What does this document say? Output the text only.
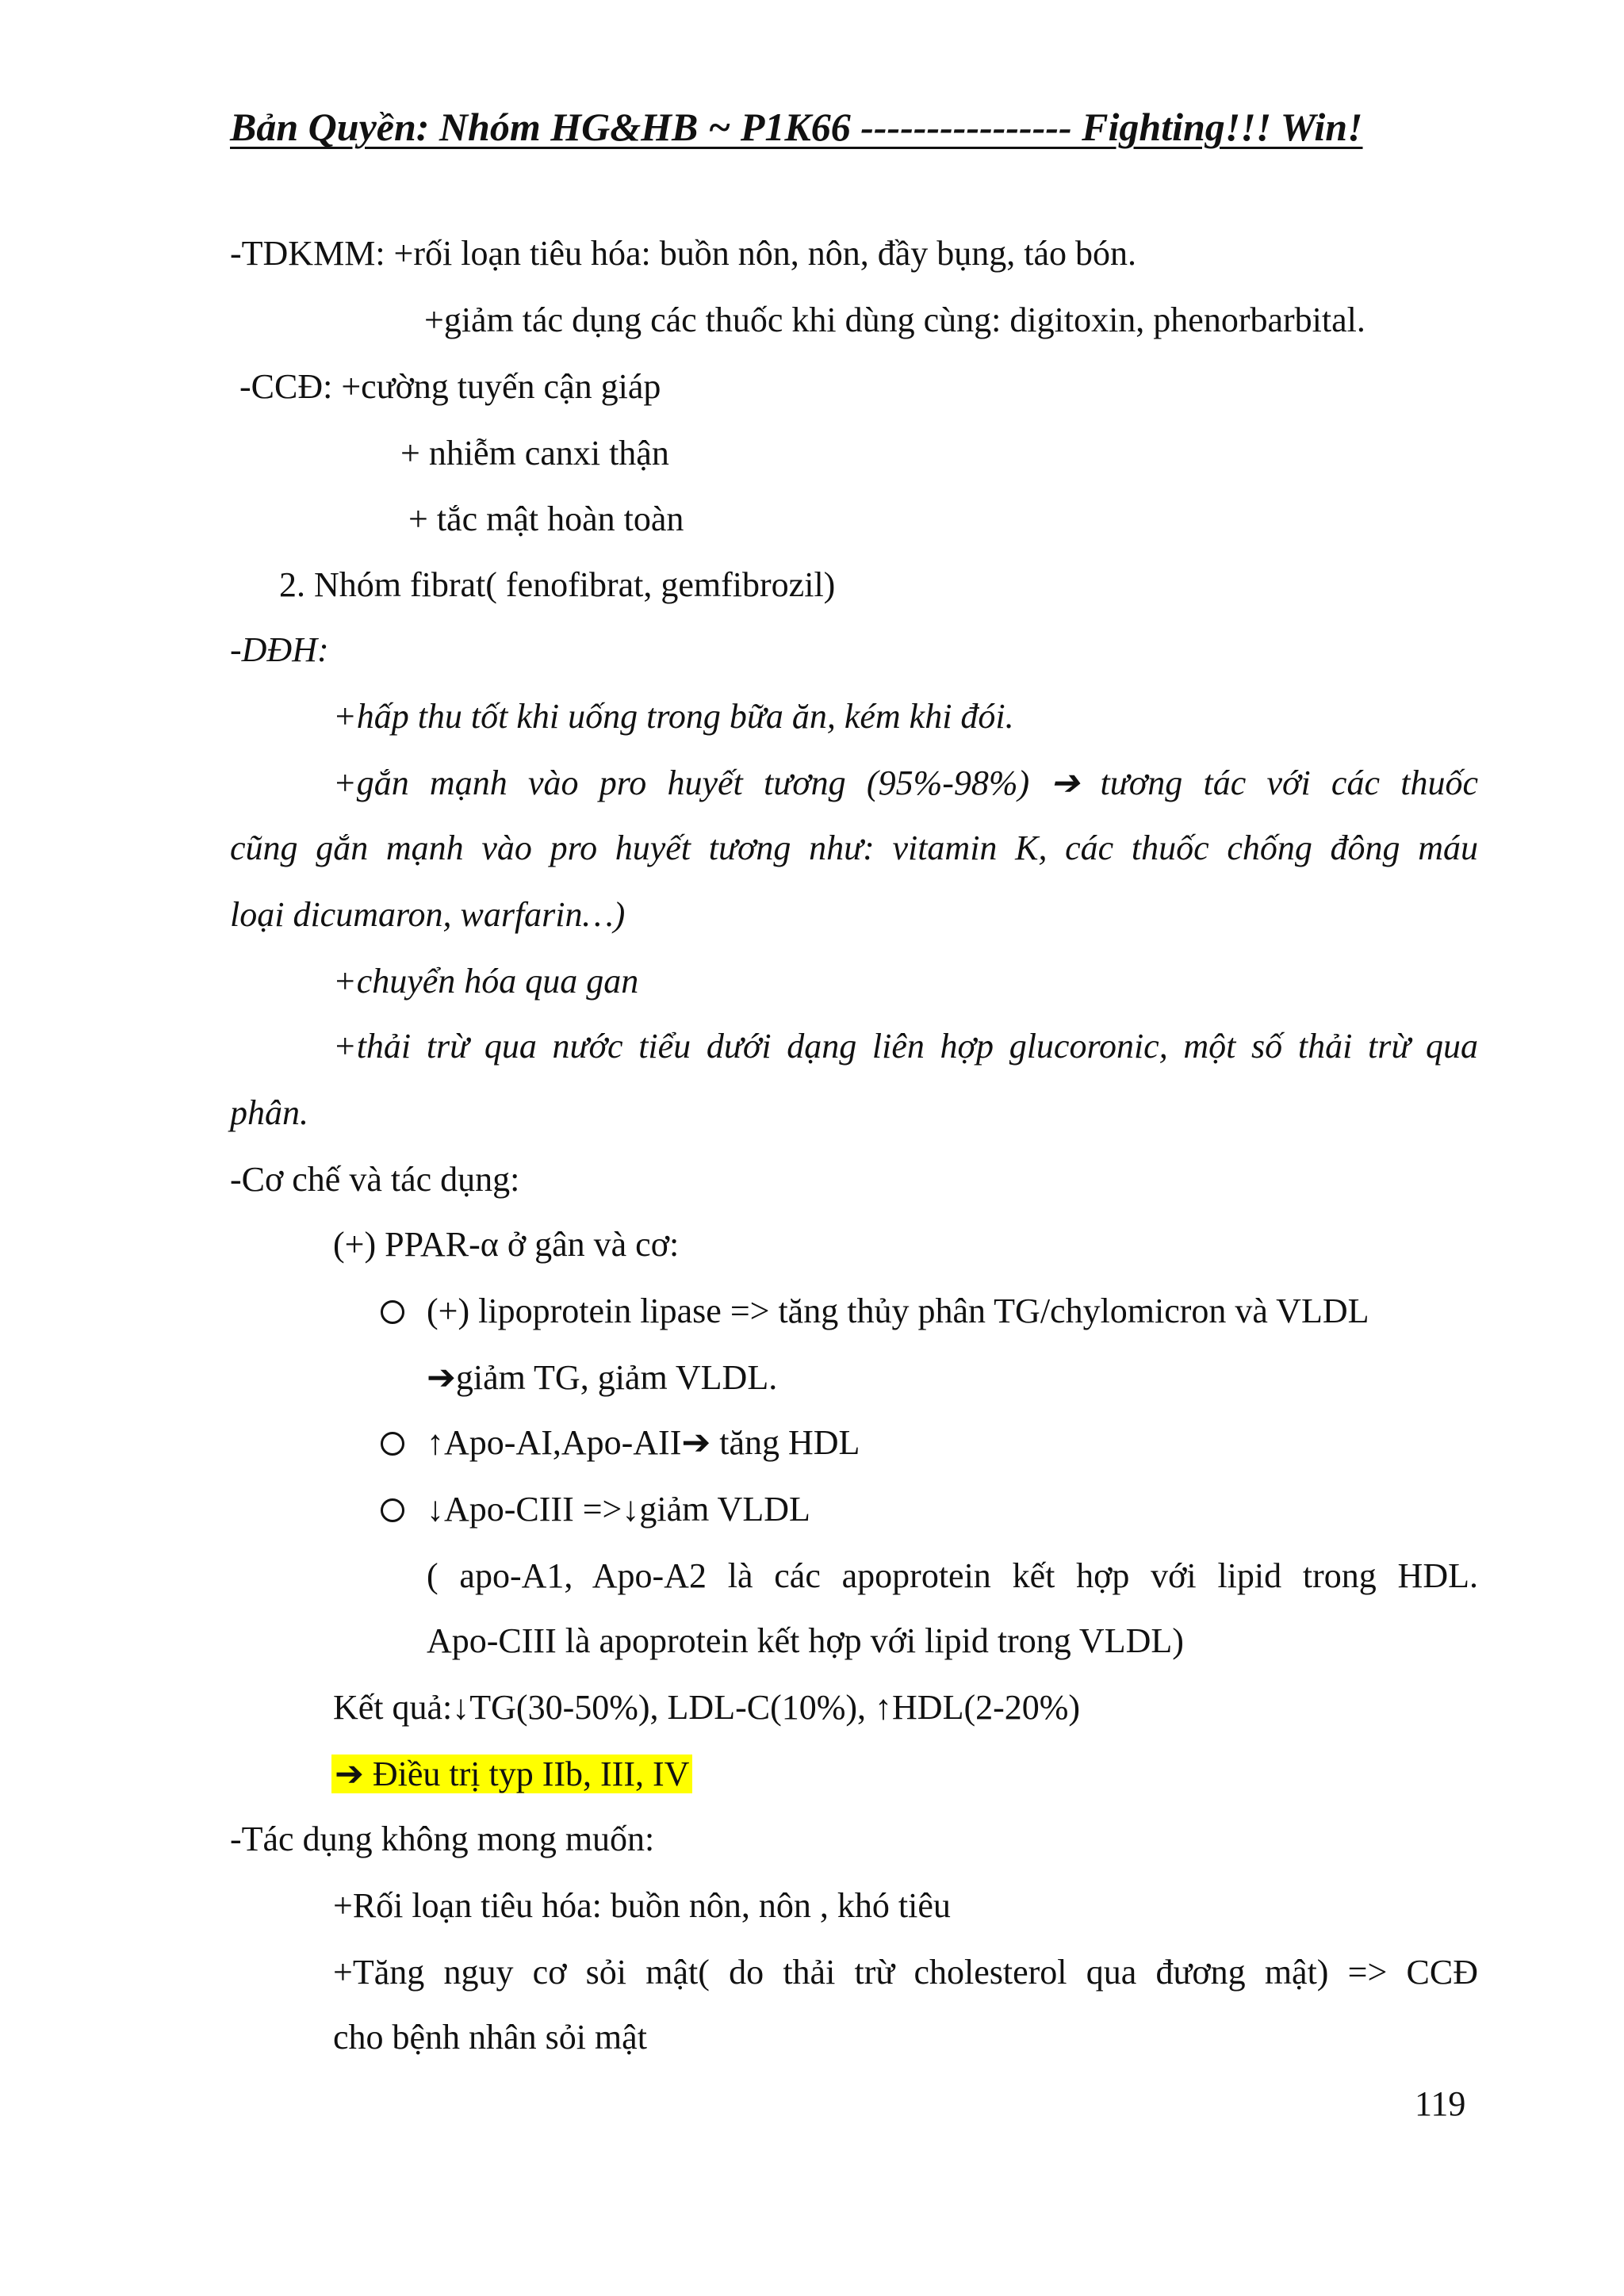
Bản Quyền: Nhóm HG&HB ~ P1K66 ---------------- Fighting!!! Win!
-TDKMM: +rối loạn tiêu hóa: buồn nôn, nôn, đầy bụng, táo bón.
+giảm tác dụng các thuốc khi dùng cùng: digitoxin, phenorbarbital.
-CCĐ: +cường tuyến cận giáp
+ nhiễm canxi thận
+ tắc mật hoàn toàn
2. Nhóm fibrat( fenofibrat, gemfibrozil)
-DĐH:
+hấp thu tốt khi uống trong bữa ăn, kém khi đói.
+gắn mạnh vào pro huyết tương (95%-98%) ➔ tương tác với các thuốc
cũng gắn mạnh vào pro huyết tương như: vitamin K, các thuốc chống đông máu
loại dicumaron, warfarin…)
+chuyển hóa qua gan
+thải trừ qua nước tiểu dưới dạng liên hợp glucoronic, một số thải trừ qua
phân.
-Cơ chế và tác dụng:
(+) PPAR-α ở gân và cơ:
(+) lipoprotein lipase => tăng thủy phân TG/chylomicron và VLDL
➔giảm TG, giảm VLDL.
↑Apo-AI,Apo-AII➔ tăng HDL
↓Apo-CIII =>↓giảm VLDL
( apo-A1, Apo-A2 là các apoprotein kết hợp với lipid trong HDL.
Apo-CIII là apoprotein kết hợp với lipid trong VLDL)
Kết quả:↓TG(30-50%), LDL-C(10%), ↑HDL(2-20%)
➔ Điều trị typ IIb, III, IV
-Tác dụng không mong muốn:
+Rối loạn tiêu hóa: buồn nôn, nôn , khó tiêu
+Tăng nguy cơ sỏi mật( do thải trừ cholesterol qua đương mật) => CCĐ
cho bệnh nhân sỏi mật
119
